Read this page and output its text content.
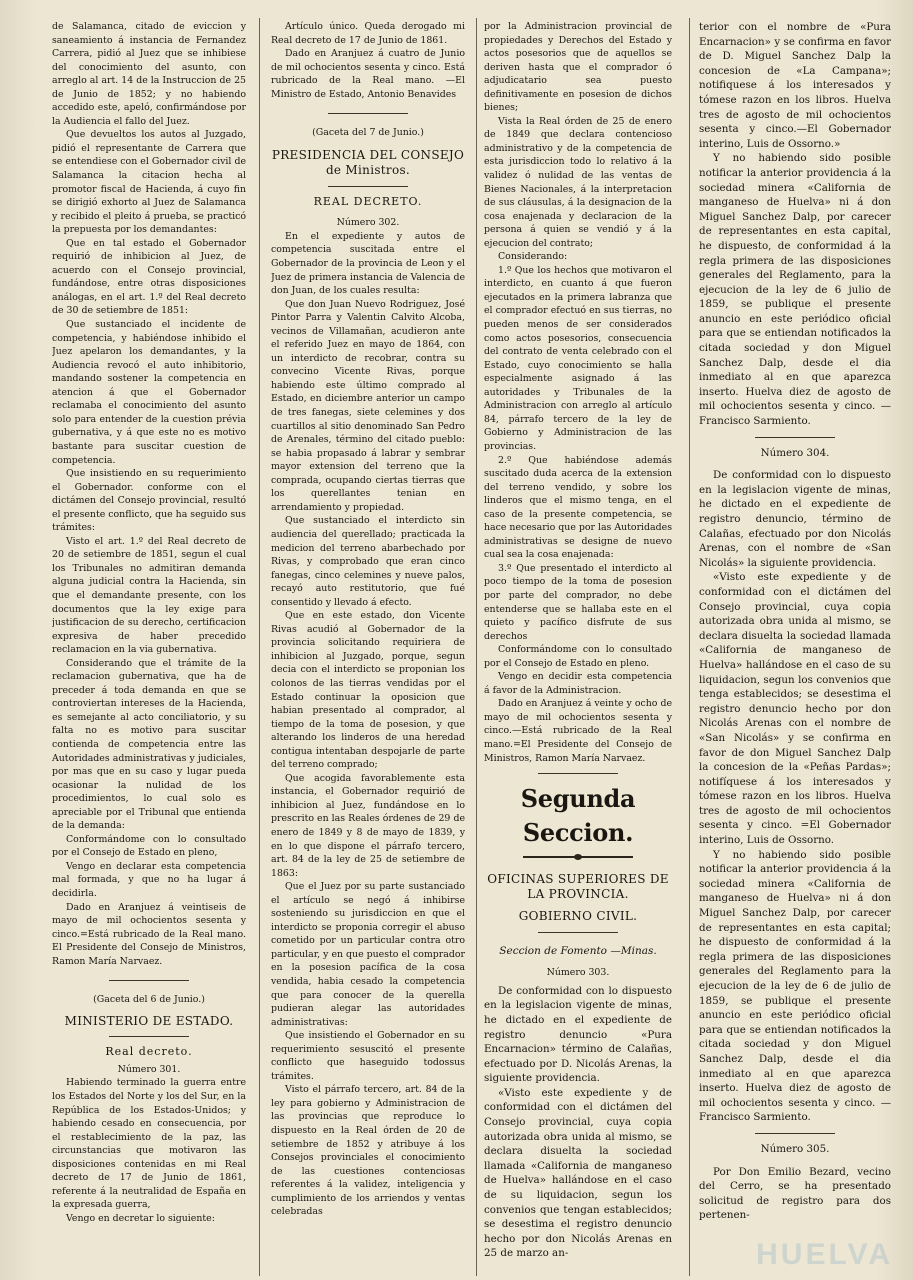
de Salamanca, citado de eviccion y saneamiento á instancia de Fernandez Carrera, pidió al Juez que se inhibiese del conocimiento del asunto, con arreglo al art. 14 de la Instruccion de 25 de Junio de 1852; y no habiendo accedido este, apeló, confirmándose por la Audiencia el fallo del Juez.

Que devueltos los autos al Juzgado, pidió el representante de Carrera que se entendiese con el Gobernador civil de Salamanca la citacion hecha al promotor fiscal de Hacienda, á cuyo fin se dirigió exhorto al Juez de Salamanca y recibido el pleito á prueba, se practicó la prepuesta por los demandantes:

Que en tal estado el Gobernador requirió de inhibicion al Juez, de acuerdo con el Consejo provincial, fundándose, entre otras disposiciones análogas, en el art. 1.º del Real decreto de 30 de setiembre de 1851:

Que sustanciado el incidente de competencia, y habiéndose inhibido el Juez apelaron los demandantes, y la Audiencia revocó el auto inhibitorio, mandando sostener la competencia en atencion á que el Gobernador reclamaba el conocimiento del asunto solo para entender de la cuestion prévia gubernativa, y á que este no es motivo bastante para suscitar cuestion de competencia.

Que insistiendo en su requerimiento el Gobernador. conforme con el dictámen del Consejo provincial, resultó el presente conflicto, que ha seguido sus trámites:

Visto el art. 1.º del Real decreto de 20 de setiembre de 1851, segun el cual los Tribunales no admitiran demanda alguna judicial contra la Hacienda, sin que el demandante presente, con los documentos que la ley exige para justificacion de su derecho, certificacion expresiva de haber precedido reclamacion en la via gubernativa.

Considerando que el trámite de la reclamacion gubernativa, que ha de preceder á toda demanda en que se controviertan intereses de la Hacienda, es semejante al acto conciliatorio, y su falta no es motivo para suscitar contienda de competencia entre las Autoridades administrativas y judiciales, por mas que en su caso y lugar pueda ocasionar la nulidad de los procedimientos, lo cual solo es apreciable por el Tribunal que entienda de la demanda:

Conformándome con lo consultado por el Consejo de Estado en pleno,

Vengo en declarar esta competencia mal formada, y que no ha lugar á decidirla.

Dado en Aranjuez á veintiseis de mayo de mil ochocientos sesenta y cinco.=Está rubricado de la Real mano. El Presidente del Consejo de Ministros, Ramon María Narvaez.

(Gaceta del 6 de Junio.)

MINISTERIO DE ESTADO.

Real decreto.

Número 301.

Habiendo terminado la guerra entre los Estados del Norte y los del Sur, en la República de los Estados-Unidos; y habiendo cesado en consecuencia, por el restablecimiento de la paz, las circunstancias que motivaron las disposiciones contenidas en mi Real decreto de 17 de Junio de 1861, referente á la neutralidad de España en la expresada guerra,

Vengo en decretar lo siguiente:

Artículo único. Queda derogado mi Real decreto de 17 de Junio de 1861.

Dado en Aranjuez á cuatro de Junio de mil ochocientos sesenta y cinco. Está rubricado de la Real mano. —El Ministro de Estado, Antonio Benavides

(Gaceta del 7 de Junio.)

PRESIDENCIA DEL CONSEJO de Ministros.

REAL DECRETO.

Número 302.

En el expediente y autos de competencia suscitada entre el Gobernador de la provincia de Leon y el Juez de primera instancia de Valencia de don Juan, de los cuales resulta:

Que don Juan Nuevo Rodriguez, José Pintor Parra y Valentin Calvito Alcoba, vecinos de Villamañan, acudieron ante el referido Juez en mayo de 1864, con un interdicto de recobrar, contra su convecino Vicente Rivas, porque habiendo este último comprado al Estado, en diciembre anterior un campo de tres fanegas, siete celemines y dos cuartillos al sitio denominado San Pedro de Arenales, término del citado pueblo: se habia propasado á labrar y sembrar mayor extension del terreno que la comprada, ocupando ciertas tierras que los querellantes tenian en arrendamiento y propiedad.

Que sustanciado el interdicto sin audiencia del querellado; practicada la medicion del terreno abarbechado por Rivas, y comprobado que eran cinco fanegas, cinco celemines y nueve palos, recayó auto restitutorio, que fué consentido y llevado á efecto.

Que en este estado, don Vicente Rivas acudió al Gobernador de la provincia solicitando requiriera de inhibicion al Juzgado, porque, segun decia con el interdicto se proponian los colonos de las tierras vendidas por el Estado continuar la oposicion que habian presentado al comprador, al tiempo de la toma de posesion, y que alterando los linderos de una heredad contigua intentaban despojarle de parte del terreno comprado;

Que acogida favorablemente esta instancia, el Gobernador requirió de inhibicion al Juez, fundándose en lo prescrito en las Reales órdenes de 29 de enero de 1849 y 8 de mayo de 1839, y en lo que dispone el párrafo tercero, art. 84 de la ley de 25 de setiembre de 1863:

Que el Juez por su parte sustanciado el artículo se negó á inhibirse sosteniendo su jurisdiccion en que el interdicto se proponia corregir el abuso cometido por un particular contra otro particular, y en que puesto el comprador en la posesion pacífica de la cosa vendida, habia cesado la competencia que para conocer de la querella pudieran alegar las autoridades administrativas:

Que insistiendo el Gobernador en su requerimiento sesuscitó el presente conflicto que haseguido todossus trámites.

Visto el párrafo tercero, art. 84 de la ley para gobierno y Administracion de las provincias que reproduce lo dispuesto en la Real órden de 20 de setiembre de 1852 y atribuye á los Consejos provinciales el conocimiento de las cuestiones contenciosas referentes á la validez, inteligencia y cumplimiento de los arriendos y ventas celebradas

por la Administracion provincial de propiedades y Derechos del Estado y actos posesorios que de aquellos se deriven hasta que el comprador ó adjudicatario sea puesto definitivamente en posesion de dichos bienes;

Vista la Real órden de 25 de enero de 1849 que declara contencioso administrativo y de la competencia de esta jurisdiccion todo lo relativo á la validez ó nulidad de las ventas de Bienes Nacionales, á la interpretacion de sus cláusulas, á la designacion de la cosa enajenada y declaracion de la persona á quien se vendió y á la ejecucion del contrato;

Considerando:

1.º Que los hechos que motivaron el interdicto, en cuanto á que fueron ejecutados en la primera labranza que el comprador efectuó en sus tierras, no pueden menos de ser considerados como actos posesorios, consecuencia del contrato de venta celebrado con el Estado, cuyo conocimiento se halla especialmente asignado á las autoridades y Tribunales de la Administracion con arreglo al artículo 84, párrafo tercero de la ley de Gobierno y Administracion de las provincias.

2.º Que habiéndose además suscitado duda acerca de la extension del terreno vendido, y sobre los linderos que el mismo tenga, en el caso de la presente competencia, se hace necesario que por las Autoridades administrativas se designe de nuevo cual sea la cosa enajenada:

3.º Que presentado el interdicto al poco tiempo de la toma de posesion por parte del comprador, no debe entenderse que se hallaba este en el quieto y pacífico disfrute de sus derechos

Conformándome con lo consultado por el Consejo de Estado en pleno.

Vengo en decidir esta competencia á favor de la Administracion.

Dado en Aranjuez á veinte y ocho de mayo de mil ochocientos sesenta y cinco.—Está rubricado de la Real mano.=El Presidente del Consejo de Ministros, Ramon María Narvaez.

Segunda Seccion.

OFICINAS SUPERIORES DE LA PROVINCIA.

GOBIERNO CIVIL.

Seccion de Fomento —Minas.

Número 303.

De conformidad con lo dispuesto en la legislacion vigente de minas, he dictado en el expediente de registro denuncio «Pura Encarnacion» término de Calañas, efectuado por D. Nicolás Arenas, la siguiente providencia.

«Visto este expediente y de conformidad con el dictámen del Consejo provincial, cuya copia autorizada obra unida al mismo, se declara disuelta la sociedad llamada «California de manganeso de Huelva» hallándose en el caso de su liquidacion, segun los convenios que tengan establecidos; se desestima el registro denuncio hecho por don Nicolás Arenas en 25 de marzo an-

terior con el nombre de «Pura Encarnacion» y se confirma en favor de D. Miguel Sanchez Dalp la concesion de «La Campana»; notifiquese á los interesados y tómese razon en los libros. Huelva tres de agosto de mil ochocientos sesenta y cinco.—El Gobernador interino, Luis de Ossorno.»

Y no habiendo sido posible notificar la anterior providencia á la sociedad minera «California de manganeso de Huelva» ni á don Miguel Sanchez Dalp, por carecer de representantes en esta capital, he dispuesto, de conformidad á la regla primera de las disposiciones generales del Reglamento, para la ejecucion de la ley de 6 julio de 1859, se publique el presente anuncio en este periódico oficial para que se entiendan notificados la citada sociedad y don Miguel Sanchez Dalp, desde el dia inmediato al en que aparezca inserto. Huelva diez de agosto de mil ochocientos sesenta y cinco. —Francisco Sarmiento.

Número 304.

De conformidad con lo dispuesto en la legislacion vigente de minas, he dictado en el expediente de registro denuncio, término de Calañas, efectuado por don Nicolás Arenas, con el nombre de «San Nicolás» la siguiente providencia.

«Visto este expediente y de conformidad con el dictámen del Consejo provincial, cuya copia autorizada obra unida al mismo, se declara disuelta la sociedad llamada «California de manganeso de Huelva» hallándose en el caso de su liquidacion, segun los convenios que tenga establecidos; se desestima el registro denuncio hecho por don Nicolás Arenas con el nombre de «San Nicolás» y se confirma en favor de don Miguel Sanchez Dalp la concesion de la «Peñas Pardas»; notifíquese á los interesados y tómese razon en los libros. Huelva tres de agosto de mil ochocientos sesenta y cinco. =El Gobernador interino, Luis de Ossorno.

Y no habiendo sido posible notificar la anterior providencia á la sociedad minera «California de manganeso de Huelva» ni á don Miguel Sanchez Dalp, por carecer de representantes en esta capital; he dispuesto de conformidad á la regla primera de las disposiciones generales del Reglamento para la ejecucion de la ley de 6 de julio de 1859, se publique el presente anuncio en este periódico oficial para que se entiendan notificados la citada sociedad y don Miguel Sanchez Dalp, desde el dia inmediato al en que aparezca inserto. Huelva diez de agosto de mil ochocientos sesenta y cinco. — Francisco Sarmiento.

Número 305.

Por Don Emilio Bezard, vecino del Cerro, se ha presentado solicitud de registro para dos pertenen-

HUELVA
